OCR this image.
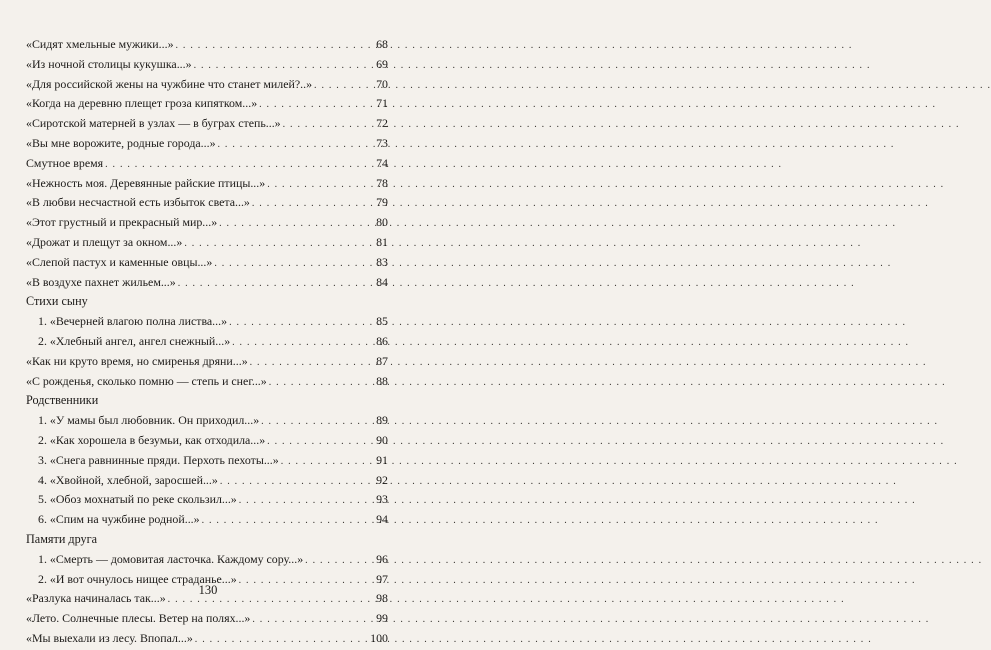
«Сидят хмельные мужики...» . . .	68
«Из ночной столицы кукушка...» . . .	69
«Для российской жены на чужбине что станет милей?..» . . .	70
«Когда на деревню плещет гроза кипятком...» . . .	71
«Сиротской матерней в узлах — в буграх степь...» . . .	72
«Вы мне ворожите, родные города...» . . .	73
Смутное время . . .	74
«Нежность моя. Деревянные райские птицы...» . . .	78
«В любви несчастной есть избыток света...» . . .	79
«Этот грустный и прекрасный мир...» . . .	80
«Дрожат и плещут за окном...» . . .	81
«Слепой пастух и каменные овцы...» . . .	83
«В воздухе пахнет жильем...» . . .	84
Стихи сыну
1. «Вечерней влагою полна листва...» . . .	85
2. «Хлебный ангел, ангел снежный...» . . .	86
«Как ни круто время, но смиренья дряни...» . . .	87
«С рожденья, сколько помню — степь и снег...» . . .	88
Родственники
1. «У мамы был любовник. Он приходил...» . . .	89
2. «Как хорошела в безумьи, как отходила...» . . .	90
3. «Снега равнинные пряди. Перхоть пехоты...» . . .	91
4. «Хвойной, хлебной, заросшей...» . . .	92
5. «Обоз мохнатый по реке скользил...» . . .	93
6. «Спим на чужбине родной...» . . .	94
Памяти друга
1. «Смерть — домовитая ласточка. Каждому сору...» . . .	96
2. «И вот очнулось нищее страданье...» . . .	97
«Разлука начиналась так...» . . .	98
«Лето. Солнечные плесы. Ветер на полях...» . . .	99
«Мы выехали из лесу. Впопал...» . . .	100
130
